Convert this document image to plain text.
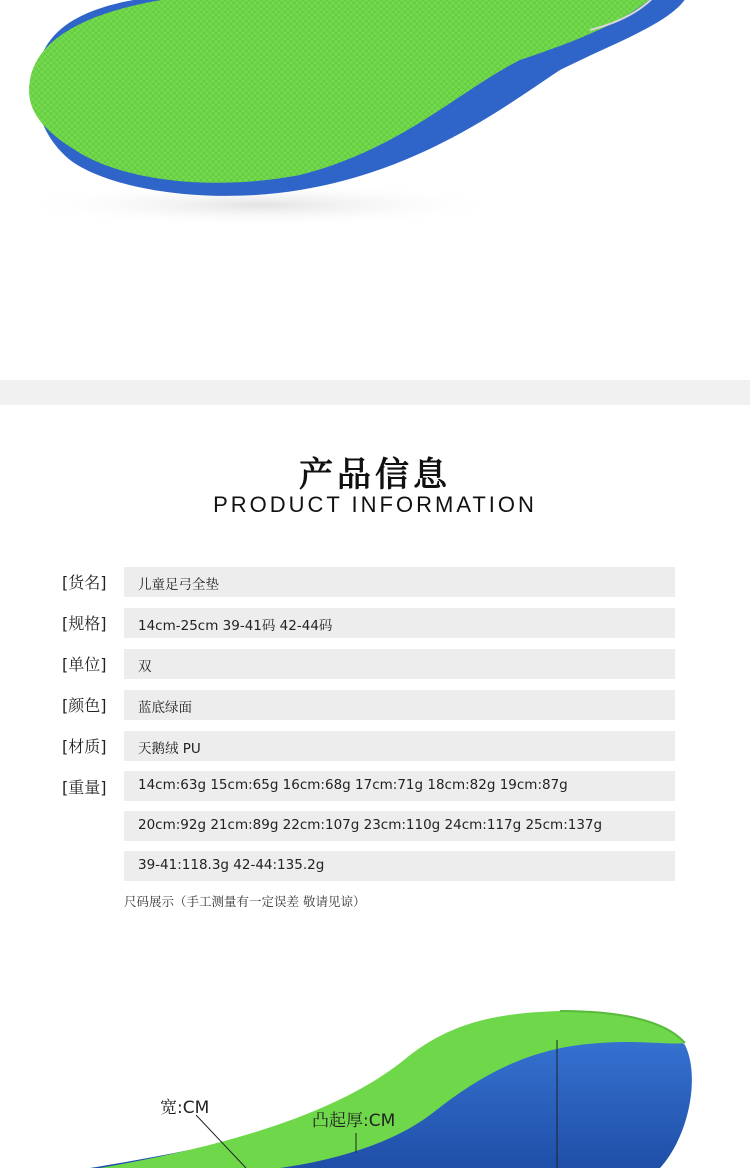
产品信息
PRODUCT INFORMATION
[货名] 儿童足弓全垫
[规格] 14cm-25cm 39-41码 42-44码
[单位] 双
[颜色] 蓝底绿面
[材质] 天鹅绒 PU
[重量] 14cm:63g 15cm:65g 16cm:68g 17cm:71g 18cm:82g 19cm:87g
20cm:92g 21cm:89g 22cm:107g 23cm:110g 24cm:117g 25cm:137g
39-41:118.3g 42-44:135.2g
尺码展示（手工测量有一定误差 敬请见谅）
宽:CM
凸起厚:CM
